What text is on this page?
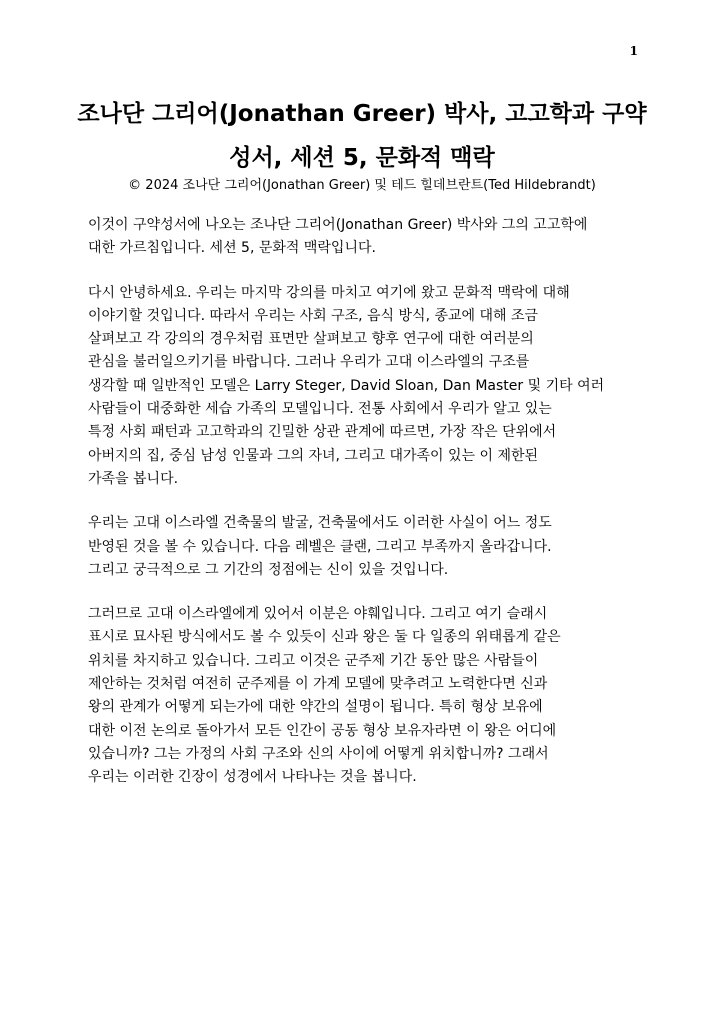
1
조나단 그리어(Jonathan Greer) 박사, 고고학과 구약
성서, 세션 5, 문화적 맥락
© 2024 조나단 그리어(Jonathan Greer) 및 테드 힐데브란트(Ted Hildebrandt)

이것이 구약성서에 나오는 조나단 그리어(Jonathan Greer) 박사와 그의 고고학에
대한 가르침입니다. 세션 5, 문화적 맥락입니다.

다시 안녕하세요. 우리는 마지막 강의를 마치고 여기에 왔고 문화적 맥락에 대해
이야기할 것입니다. 따라서 우리는 사회 구조, 음식 방식, 종교에 대해 조금
살펴보고 각 강의의 경우처럼 표면만 살펴보고 향후 연구에 대한 여러분의
관심을 불러일으키기를 바랍니다. 그러나 우리가 고대 이스라엘의 구조를
생각할 때 일반적인 모델은 Larry Steger, David Sloan, Dan Master 및 기타 여러
사람들이 대중화한 세습 가족의 모델입니다. 전통 사회에서 우리가 알고 있는
특정 사회 패턴과 고고학과의 긴밀한 상관 관계에 따르면, 가장 작은 단위에서
아버지의 집, 중심 남성 인물과 그의 자녀, 그리고 대가족이 있는 이 제한된
가족을 봅니다.

우리는 고대 이스라엘 건축물의 발굴, 건축물에서도 이러한 사실이 어느 정도
반영된 것을 볼 수 있습니다. 다음 레벨은 클랜, 그리고 부족까지 올라갑니다.
그리고 궁극적으로 그 기간의 정점에는 신이 있을 것입니다.

그러므로 고대 이스라엘에게 있어서 이분은 야훼입니다. 그리고 여기 슬래시
표시로 묘사된 방식에서도 볼 수 있듯이 신과 왕은 둘 다 일종의 위태롭게 같은
위치를 차지하고 있습니다. 그리고 이것은 군주제 기간 동안 많은 사람들이
제안하는 것처럼 여전히 군주제를 이 가계 모델에 맞추려고 노력한다면 신과
왕의 관계가 어떻게 되는가에 대한 약간의 설명이 됩니다. 특히 형상 보유에
대한 이전 논의로 돌아가서 모든 인간이 공동 형상 보유자라면 이 왕은 어디에
있습니까? 그는 가정의 사회 구조와 신의 사이에 어떻게 위치합니까? 그래서
우리는 이러한 긴장이 성경에서 나타나는 것을 봅니다.
